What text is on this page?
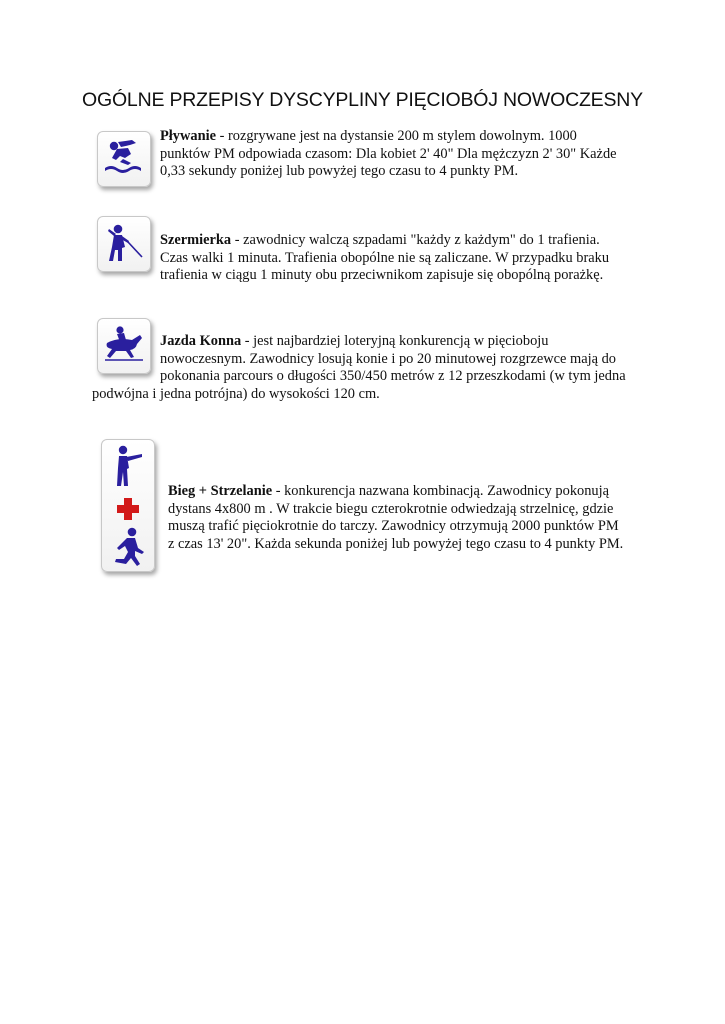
OGÓLNE PRZEPISY DYSCYPLINY PIĘCIOBÓJ NOWOCZESNY
Pływanie - rozgrywane jest na dystansie 200 m stylem dowolnym. 1000
punktów PM odpowiada czasom: Dla kobiet 2' 40" Dla mężczyzn 2' 30" Każde
0,33 sekundy poniżej lub powyżej tego czasu to 4 punkty PM.
Szermierka - zawodnicy walczą szpadami "każdy z każdym" do 1 trafienia.
Czas walki 1 minuta. Trafienia obopólne nie są zaliczane. W przypadku braku
trafienia w ciągu 1 minuty obu przeciwnikom zapisuje się obopólną porażkę.
Jazda Konna - jest najbardziej loteryjną konkurencją w pięcioboju
nowoczesnym. Zawodnicy losują konie i po 20 minutowej rozgrzewce mają do
pokonania parcours o długości 350/450 metrów z 12 przeszkodami (w tym jedna
podwójna i jedna potrójna) do wysokości 120 cm.
Bieg + Strzelanie - konkurencja nazwana kombinacją. Zawodnicy pokonują
dystans 4x800 m . W trakcie biegu czterokrotnie odwiedzają strzelnicę, gdzie
muszą trafić pięciokrotnie do tarczy. Zawodnicy otrzymują 2000 punktów PM
z czas 13' 20". Każda sekunda poniżej lub powyżej tego czasu to 4 punkty PM.
